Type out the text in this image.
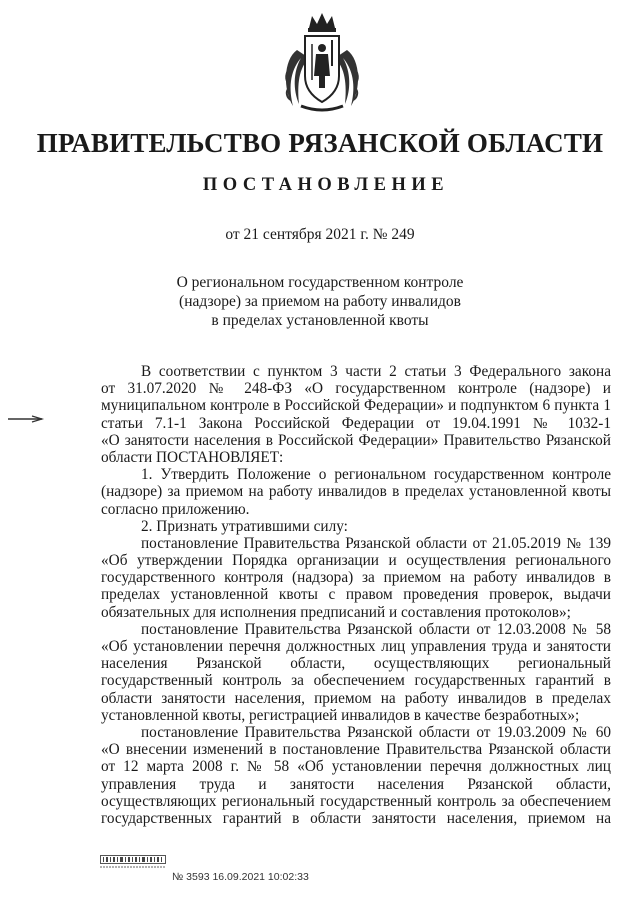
ПРАВИТЕЛЬСТВО РЯЗАНСКОЙ ОБЛАСТИ
ПОСТАНОВЛЕНИЕ
от 21 сентября 2021 г. № 249
О региональном государственном контроле
(надзоре) за приемом на работу инвалидов
в пределах установленной квоты
В соответствии с пунктом 3 части 2 статьи 3 Федерального закона
от 31.07.2020 № 248-ФЗ «О государственном контроле (надзоре) и
муниципальном контроле в Российской Федерации» и подпунктом 6 пункта 1
статьи 7.1-1 Закона Российской Федерации от 19.04.1991 № 1032-1
«О занятости населения в Российской Федерации» Правительство Рязанской
области ПОСТАНОВЛЯЕТ:
1. Утвердить Положение о региональном государственном контроле
(надзоре) за приемом на работу инвалидов в пределах установленной квоты
согласно приложению.
2. Признать утратившими силу:
постановление Правительства Рязанской области от 21.05.2019 № 139
«Об утверждении Порядка организации и осуществления регионального
государственного контроля (надзора) за приемом на работу инвалидов в
пределах установленной квоты с правом проведения проверок, выдачи
обязательных для исполнения предписаний и составления протоколов»;
постановление Правительства Рязанской области от 12.03.2008 № 58
«Об установлении перечня должностных лиц управления труда и занятости
населения Рязанской области, осуществляющих региональный
государственный контроль за обеспечением государственных гарантий в
области занятости населения, приемом на работу инвалидов в пределах
установленной квоты, регистрацией инвалидов в качестве безработных»;
постановление Правительства Рязанской области от 19.03.2009 № 60
«О внесении изменений в постановление Правительства Рязанской области
от 12 марта 2008 г. № 58 «Об установлении перечня должностных лиц
управления труда и занятости населения Рязанской области,
осуществляющих региональный государственный контроль за обеспечением
государственных гарантий в области занятости населения, приемом на
№ 3593 16.09.2021 10:02:33
